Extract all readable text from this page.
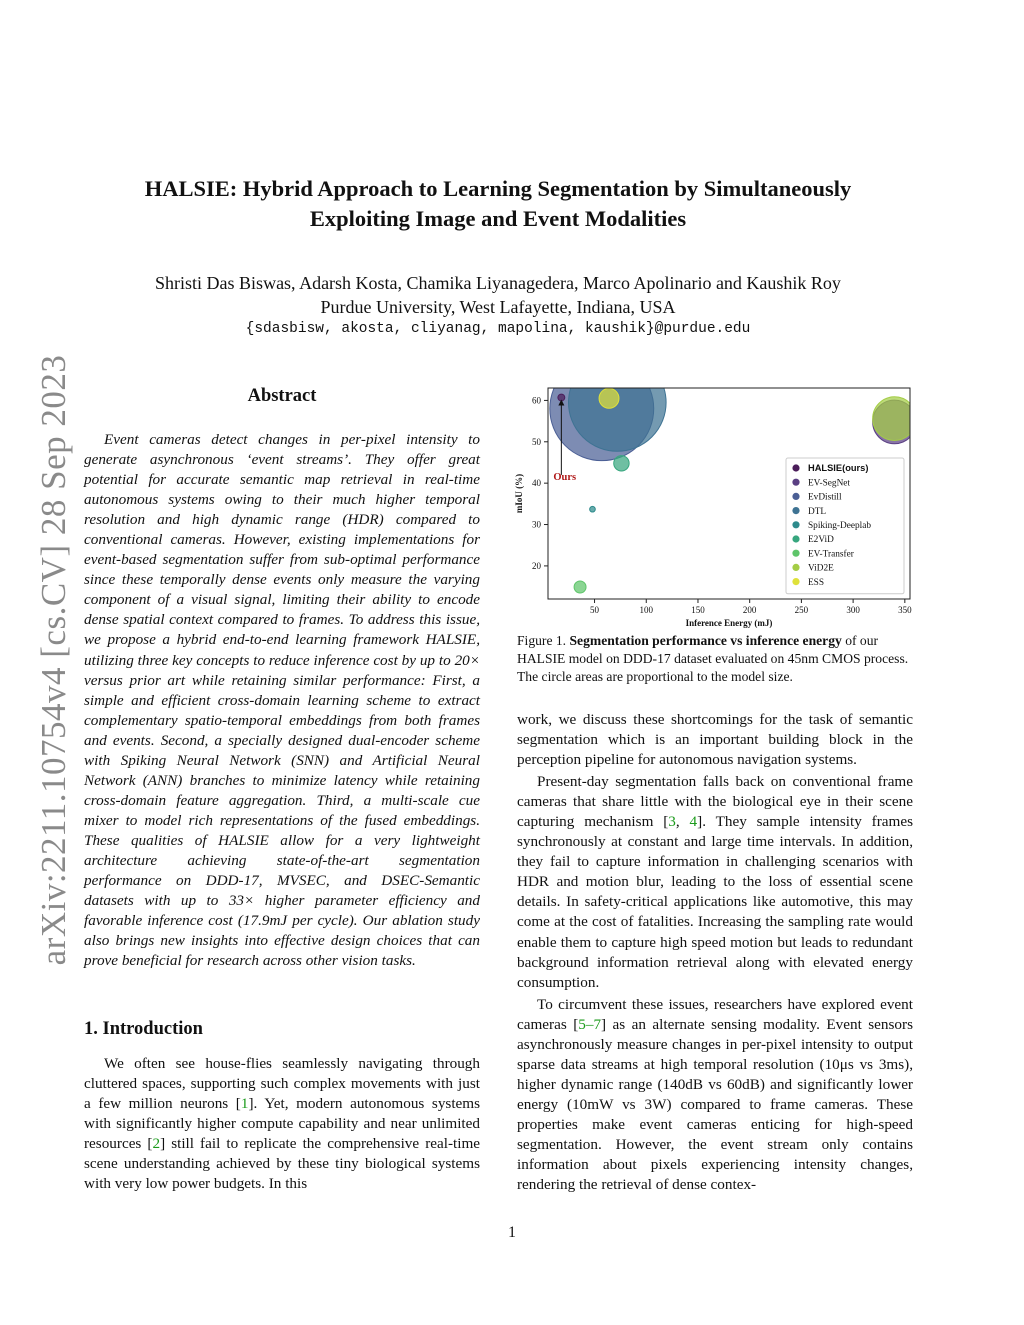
arXiv:2211.10754v4 [cs.CV] 28 Sep 2023
HALSIE: Hybrid Approach to Learning Segmentation by Simultaneously
Exploiting Image and Event Modalities
Shristi Das Biswas, Adarsh Kosta, Chamika Liyanagedera, Marco Apolinario and Kaushik Roy
Purdue University, West Lafayette, Indiana, USA
{sdasbisw, akosta, cliyanag, mapolina, kaushik}@purdue.edu
Abstract

Event cameras detect changes in per-pixel intensity to generate asynchronous ‘event streams’. They offer great potential for accurate semantic map retrieval in real-time autonomous systems owing to their much higher temporal resolution and high dynamic range (HDR) compared to conventional cameras. However, existing implementations for event-based segmentation suffer from sub-optimal performance since these temporally dense events only measure the varying component of a visual signal, limiting their ability to encode dense spatial context compared to frames. To address this issue, we propose a hybrid end-to-end learning framework HALSIE, utilizing three key concepts to reduce inference cost by up to 20× versus prior art while retaining similar performance: First, a simple and efficient cross-domain learning scheme to extract complementary spatio-temporal embeddings from both frames and events. Second, a specially designed dual-encoder scheme with Spiking Neural Network (SNN) and Artificial Neural Network (ANN) branches to minimize latency while retaining cross-domain feature aggregation. Third, a multi-scale cue mixer to model rich representations of the fused embeddings. These qualities of HALSIE allow for a very lightweight architecture achieving state-of-the-art segmentation performance on DDD-17, MVSEC, and DSEC-Semantic datasets with up to 33× higher parameter efficiency and favorable inference cost (17.9mJ per cycle). Our ablation study also brings new insights into effective design choices that can prove beneficial for research across other vision tasks.

1. Introduction

We often see house-flies seamlessly navigating through cluttered spaces, supporting such complex movements with just a few million neurons [1]. Yet, modern autonomous systems with significantly higher compute capability and near unlimited resources [2] still fail to replicate the comprehensive real-time scene understanding achieved by these tiny biological systems with very low power budgets. In this

50	100	150	200	250	300	350
20
30
40
50
60
Inference Energy (mJ)
mIoU (%)	Ours
HALSIE(ours)
EV-SegNet
EvDistill
DTL
Spiking-Deeplab
E2ViD
EV-Transfer
ViD2E
ESS
Figure 1. Segmentation performance vs inference energy of our HALSIE model on DDD-17 dataset evaluated on 45nm CMOS process. The circle areas are proportional to the model size.

work, we discuss these shortcomings for the task of semantic segmentation which is an important building block in the perception pipeline for autonomous navigation systems.

Present-day segmentation falls back on conventional frame cameras that share little with the biological eye in their scene capturing mechanism [3, 4]. They sample intensity frames synchronously at constant and large time intervals. In addition, they fail to capture information in challenging scenarios with HDR and motion blur, leading to the loss of essential scene details. In safety-critical applications like automotive, this may come at the cost of fatalities. Increasing the sampling rate would enable them to capture high speed motion but leads to redundant background information retrieval along with elevated energy consumption.

To circumvent these issues, researchers have explored event cameras [5–7] as an alternate sensing modality. Event sensors asynchronously measure changes in per-pixel intensity to output sparse data streams at high temporal resolution (10μs vs 3ms), higher dynamic range (140dB vs 60dB) and significantly lower energy (10mW vs 3W) compared to frame cameras. These properties make event cameras enticing for high-speed segmentation. However, the event stream only contains information about pixels experiencing intensity changes, rendering the retrieval of dense contex-

1
